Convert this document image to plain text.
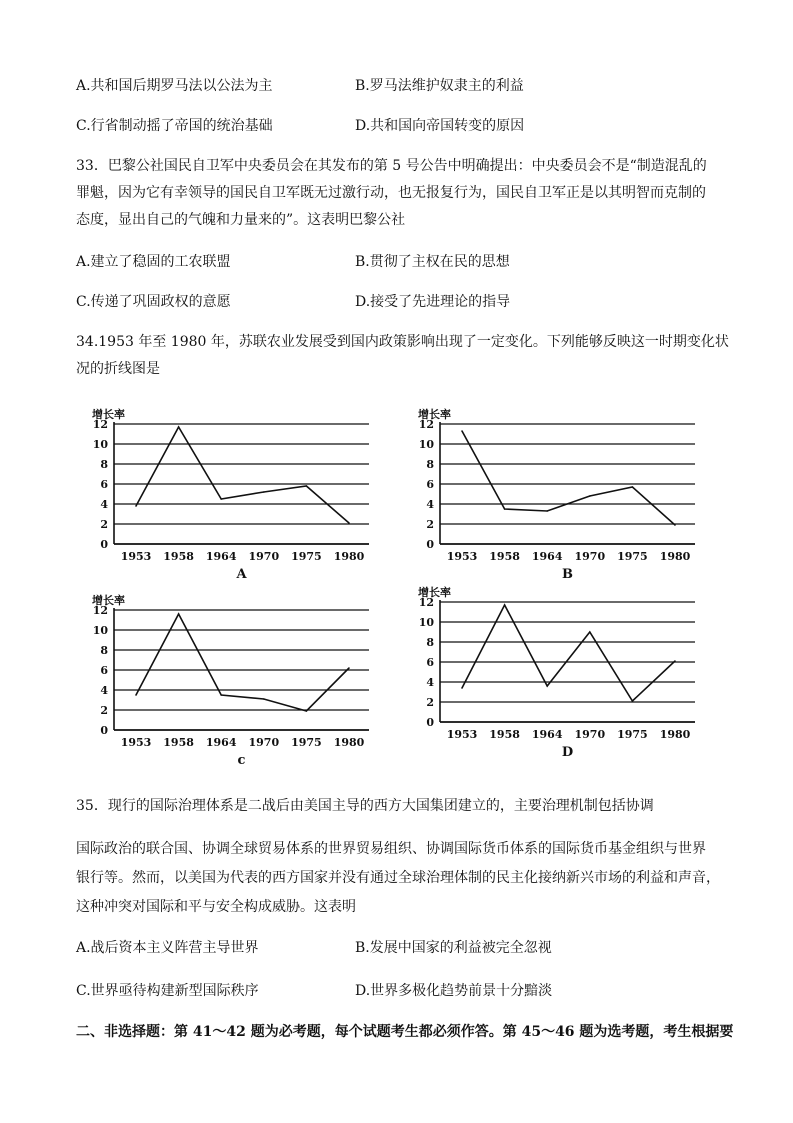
A.共和国后期罗马法以公法为主	B.罗马法维护奴隶主的利益
C.行省制动摇了帝国的统治基础	D.共和国向帝国转变的原因
33．巴黎公社国民自卫军中央委员会在其发布的第 5 号公告中明确提出：中央委员会不是“制造混乱的
罪魁，因为它有幸领导的国民自卫军既无过激行动，也无报复行为，国民自卫军正是以其明智而克制的
态度，显出自己的气魄和力量来的”。这表明巴黎公社
A.建立了稳固的工农联盟	B.贯彻了主权在民的思想
C.传递了巩固政权的意愿	D.接受了先进理论的指导
34.1953 年至 1980 年，苏联农业发展受到国内政策影响出现了一定变化。下列能够反映这一时期变化状
况的折线图是
0
2
4
6
8
10
12
增长率
1953 1958 1964 1970 1975 1980
A
0
2
4
6
8
10
12
增长率
1953 1958 1964 1970 1975 1980
B
0
2
4
6
8
10
12
增长率
1953 1958 1964 1970 1975 1980
c
0
2
4
6
8
10
12
增长率
1953 1958 1964 1970 1975 1980
D
35．现行的国际治理体系是二战后由美国主导的西方大国集团建立的，主要治理机制包括协调
国际政治的联合国、协调全球贸易体系的世界贸易组织、协调国际货币体系的国际货币基金组织与世界
银行等。然而，以美国为代表的西方国家并没有通过全球治理体制的民主化接纳新兴市场的利益和声音，
这种冲突对国际和平与安全构成威胁。这表明
A.战后资本主义阵营主导世界	B.发展中国家的利益被完全忽视
C.世界亟待构建新型国际秩序	D.世界多极化趋势前景十分黯淡
二、非选择题：第 41～42 题为必考题，每个试题考生都必须作答。第 45～46 题为选考题，考生根据要
